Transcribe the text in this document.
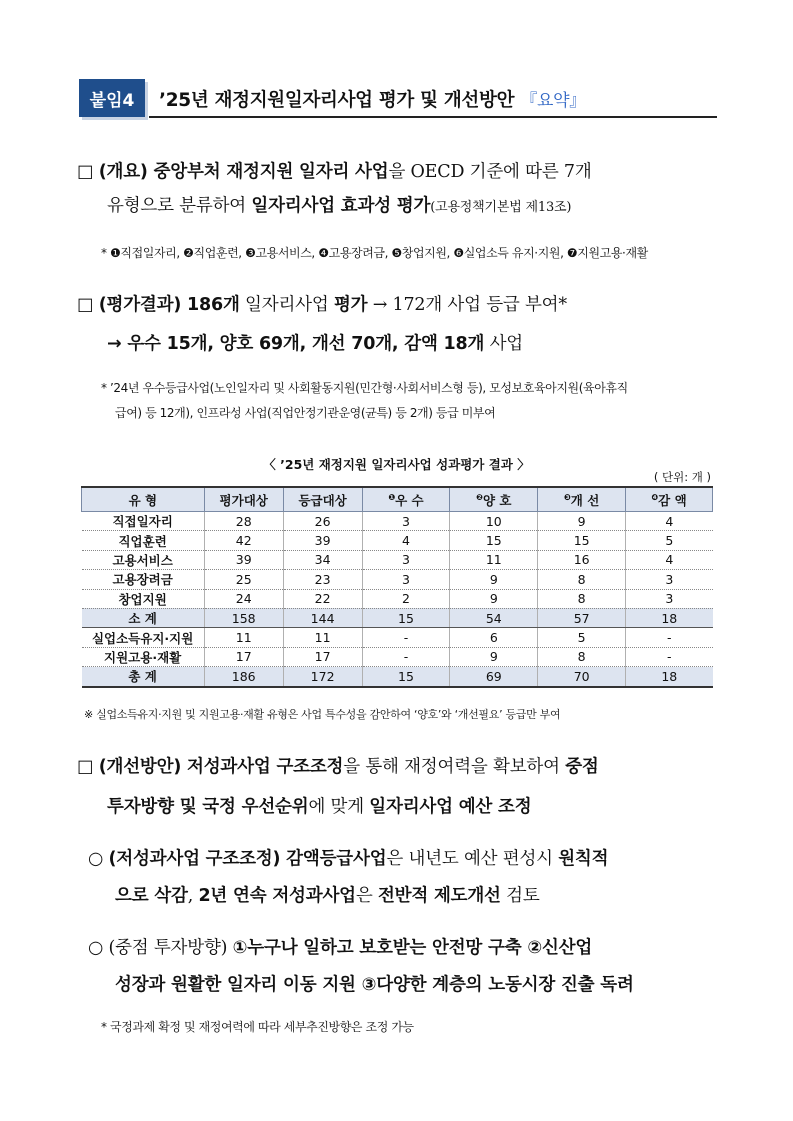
붙임4	’25년 재정지원일자리사업 평가 및 개선방안 『요약』
□ (개요) 중앙부처 재정지원 일자리 사업을 OECD 기준에 따른 7개
유형으로 분류하여 일자리사업 효과성 평가(고용정책기본법 제13조)
* ❶직접일자리, ❷직업훈련, ❸고용서비스, ❹고용장려금, ❺창업지원, ❻실업소득 유지·지원, ❼지원고용·재활
□ (평가결과) 186개 일자리사업 평가 → 172개 사업 등급 부여*
→ 우수 15개, 양호 69개, 개선 70개, 감액 18개 사업
* ’24년 우수등급사업(노인일자리 및 사회활동지원(민간형·사회서비스형 등), 모성보호육아지원(육아휴직
급여) 등 12개), 인프라성 사업(직업안정기관운영(균특) 등 2개) 등급 미부여
〈 ’25년 재정지원 일자리사업 성과평가 결과 〉
( 단위: 개 )
유 형	평가대상	등급대상	$^❶$우 수	$^❷$양 호	$^❸$개 선	$^❹$감 액
직접일자리	28	26	3	10	9	4
직업훈련	42	39	4	15	15	5
고용서비스	39	34	3	11	16	4
고용장려금	25	23	3	9	8	3
창업지원	24	22	2	9	8	3
소 계	158	144	15	54	57	18
실업소득유지·지원	11	11	-	6	5	-
지원고용·재활	17	17	-	9	8	-
총 계	186	172	15	69	70	18
※ 실업소득유지·지원 및 지원고용·재활 유형은 사업 특수성을 감안하여 ‘양호’와 ‘개선필요’ 등급만 부여
□ (개선방안) 저성과사업 구조조정을 통해 재정여력을 확보하여 중점
투자방향 및 국정 우선순위에 맞게 일자리사업 예산 조정
○ (저성과사업 구조조정) 감액등급사업은 내년도 예산 편성시 원칙적
으로 삭감, 2년 연속 저성과사업은 전반적 제도개선 검토
○ (중점 투자방향) ①누구나 일하고 보호받는 안전망 구축 ②신산업
성장과 원활한 일자리 이동 지원 ③다양한 계층의 노동시장 진출 독려
* 국정과제 확정 및 재정여력에 따라 세부추진방향은 조정 가능
